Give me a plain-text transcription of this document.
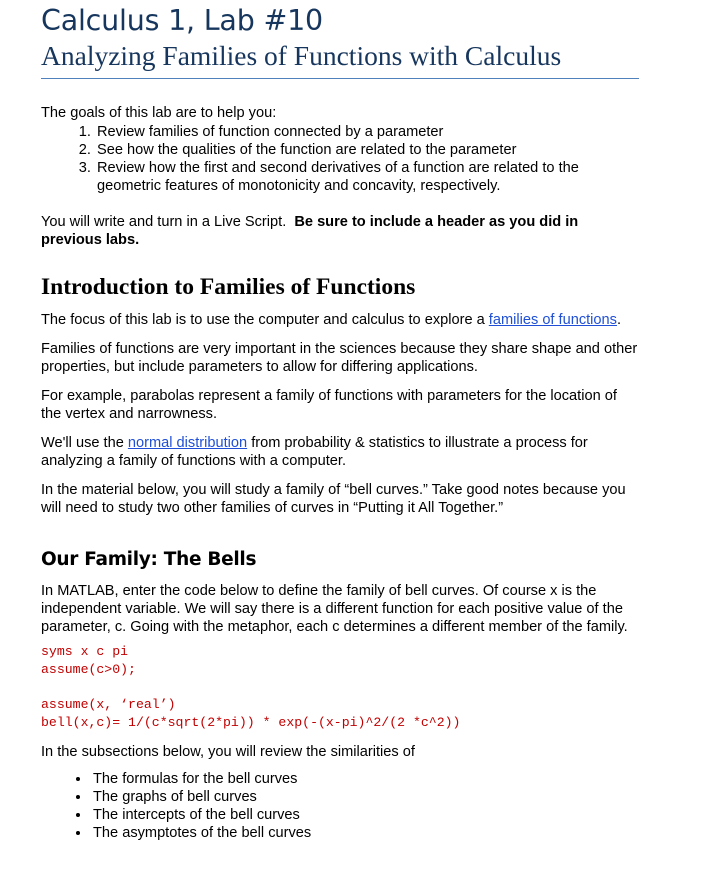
Calculus 1, Lab #10
Analyzing Families of Functions with Calculus

The goals of this lab are to help you:

1. Review families of function connected by a parameter
2. See how the qualities of the function are related to the parameter
3. Review how the first and second derivatives of a function are related to the geometric features of monotonicity and concavity, respectively.

You will write and turn in a Live Script. Be sure to include a header as you did in previous labs.

Introduction to Families of Functions

The focus of this lab is to use the computer and calculus to explore a families of functions.

Families of functions are very important in the sciences because they share shape and other properties, but include parameters to allow for differing applications.

For example, parabolas represent a family of functions with parameters for the location of the vertex and narrowness.

We'll use the normal distribution from probability & statistics to illustrate a process for analyzing a family of functions with a computer.

In the material below, you will study a family of “bell curves.” Take good notes because you will need to study two other families of curves in “Putting it All Together.”

Our Family: The Bells

In MATLAB, enter the code below to define the family of bell curves. Of course x is the independent variable. We will say there is a different function for each positive value of the parameter, c. Going with the metaphor, each c determines a different member of the family.

syms x c pi

assume(c>0);

assume(x, ‘real’)

bell(x,c)= 1/(c*sqrt(2*pi)) * exp(-(x-pi)^2/(2 *c^2))

In the subsections below, you will review the similarities of

• The formulas for the bell curves
• The graphs of bell curves
• The intercepts of the bell curves
• The asymptotes of the bell curves
